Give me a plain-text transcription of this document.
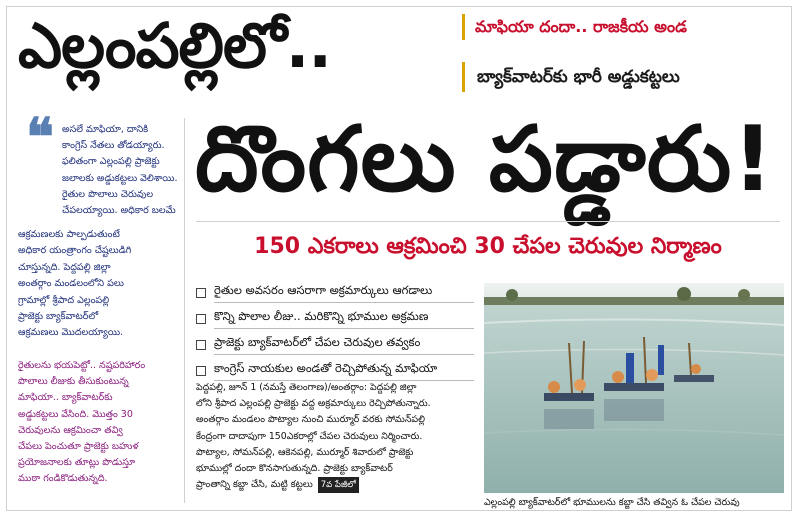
ఎల్లంపల్లిలో..	మాఫియా దందా.. రాజకీయ అండ
బ్యాక్‌వాటర్‌కు భారీ అడ్డుకట్టలు
దొంగలు పడ్డారు!
❝ అసలే మాఫియా, దానికి
కాంగ్రెస్‌ నేతలు తోడయ్యారు.
ఫలితంగా ఎల్లంపల్లి ప్రాజెక్టు
జలాలకు అడ్డుకట్టలు వెలిశాయి.
రైతుల పొలాలు చెరువుల
చేపలయ్యాయి. అధికార బలమే
ఆక్రమణలకు పాల్పడుతుంటే
అధికార యంత్రాంగం చేష్టలుడిగి
చూస్తున్నది. పెద్దపల్లి జిల్లా
అంతర్గాం మండలంలోని పలు
గ్రామాల్లో శ్రీపాద ఎల్లంపల్లి
ప్రాజెక్టు బ్యాక్‌వాటర్‌లో
ఆక్రమణలు మొదలయ్యాయి.
రైతులను భయపెట్టో.. నష్టపరిహారం
పొలాలు లీజుకు తీసుకుంటున్న
మాఫియా.. బ్యాక్‌వాటర్‌కు
అడ్డుకట్టలు వేసింది. మొత్తం 30
చెరువులను ఆక్రమించా తవ్వి
చేపలు పెంచుతూ ప్రాజెక్టు బహుళ
ప్రయోజనాలకు తూట్లు పొడుస్తూ
ముఠా గండికొడుతున్నది.
150 ఎకరాలు ఆక్రమించి 30 చేపల చెరువుల నిర్మాణం
రైతుల అవసరం ఆసరాగా అక్రమార్కులు ఆగడాలు
కొన్ని పొలాల లీజు.. మరికొన్ని భూముల అక్రమణ
ప్రాజెక్టు బ్యాక్‌వాటర్‌లో చేపల చెరువుల తవ్వకం
కాంగ్రెస్‌ నాయకుల అండతో రెచ్చిపోతున్న మాఫియా
పెద్దపల్లి, జూన్‌ 1 (నమస్తే తెలంగాణ)/అంతర్గాం: పెద్దపల్లి జిల్లా
లోని శ్రీపాద ఎల్లంపల్లి ప్రాజెక్టు వద్ద అక్రమార్కులు రెచ్చిపోతున్నారు.
అంతర్గాం మండలం పొట్యాల నుంచి ముర్మూర్‌ వరకు సోమన్‌పల్లి
కేంద్రంగా దాదాపుగా 150ఎకరాల్లో చేపల చెరువులు నిర్మించారు.
పొట్యాల, సోమన్‌పల్లి, ఆకెనపల్లి, ముర్మూర్‌ శివారులో ప్రాజెక్టు
భూముల్లో దందా కొనసాగుతున్నది. ప్రాజెక్టు బ్యాక్‌వాటర్‌
ప్రాంతాన్ని కబ్జా చేసి, మట్టి కట్టలు 7వ పేజీలో
ఎల్లంపల్లి బ్యాక్‌వాటర్‌లో భూములను కబ్జా చేసి తవ్విన ఓ చేపల చెరువు
